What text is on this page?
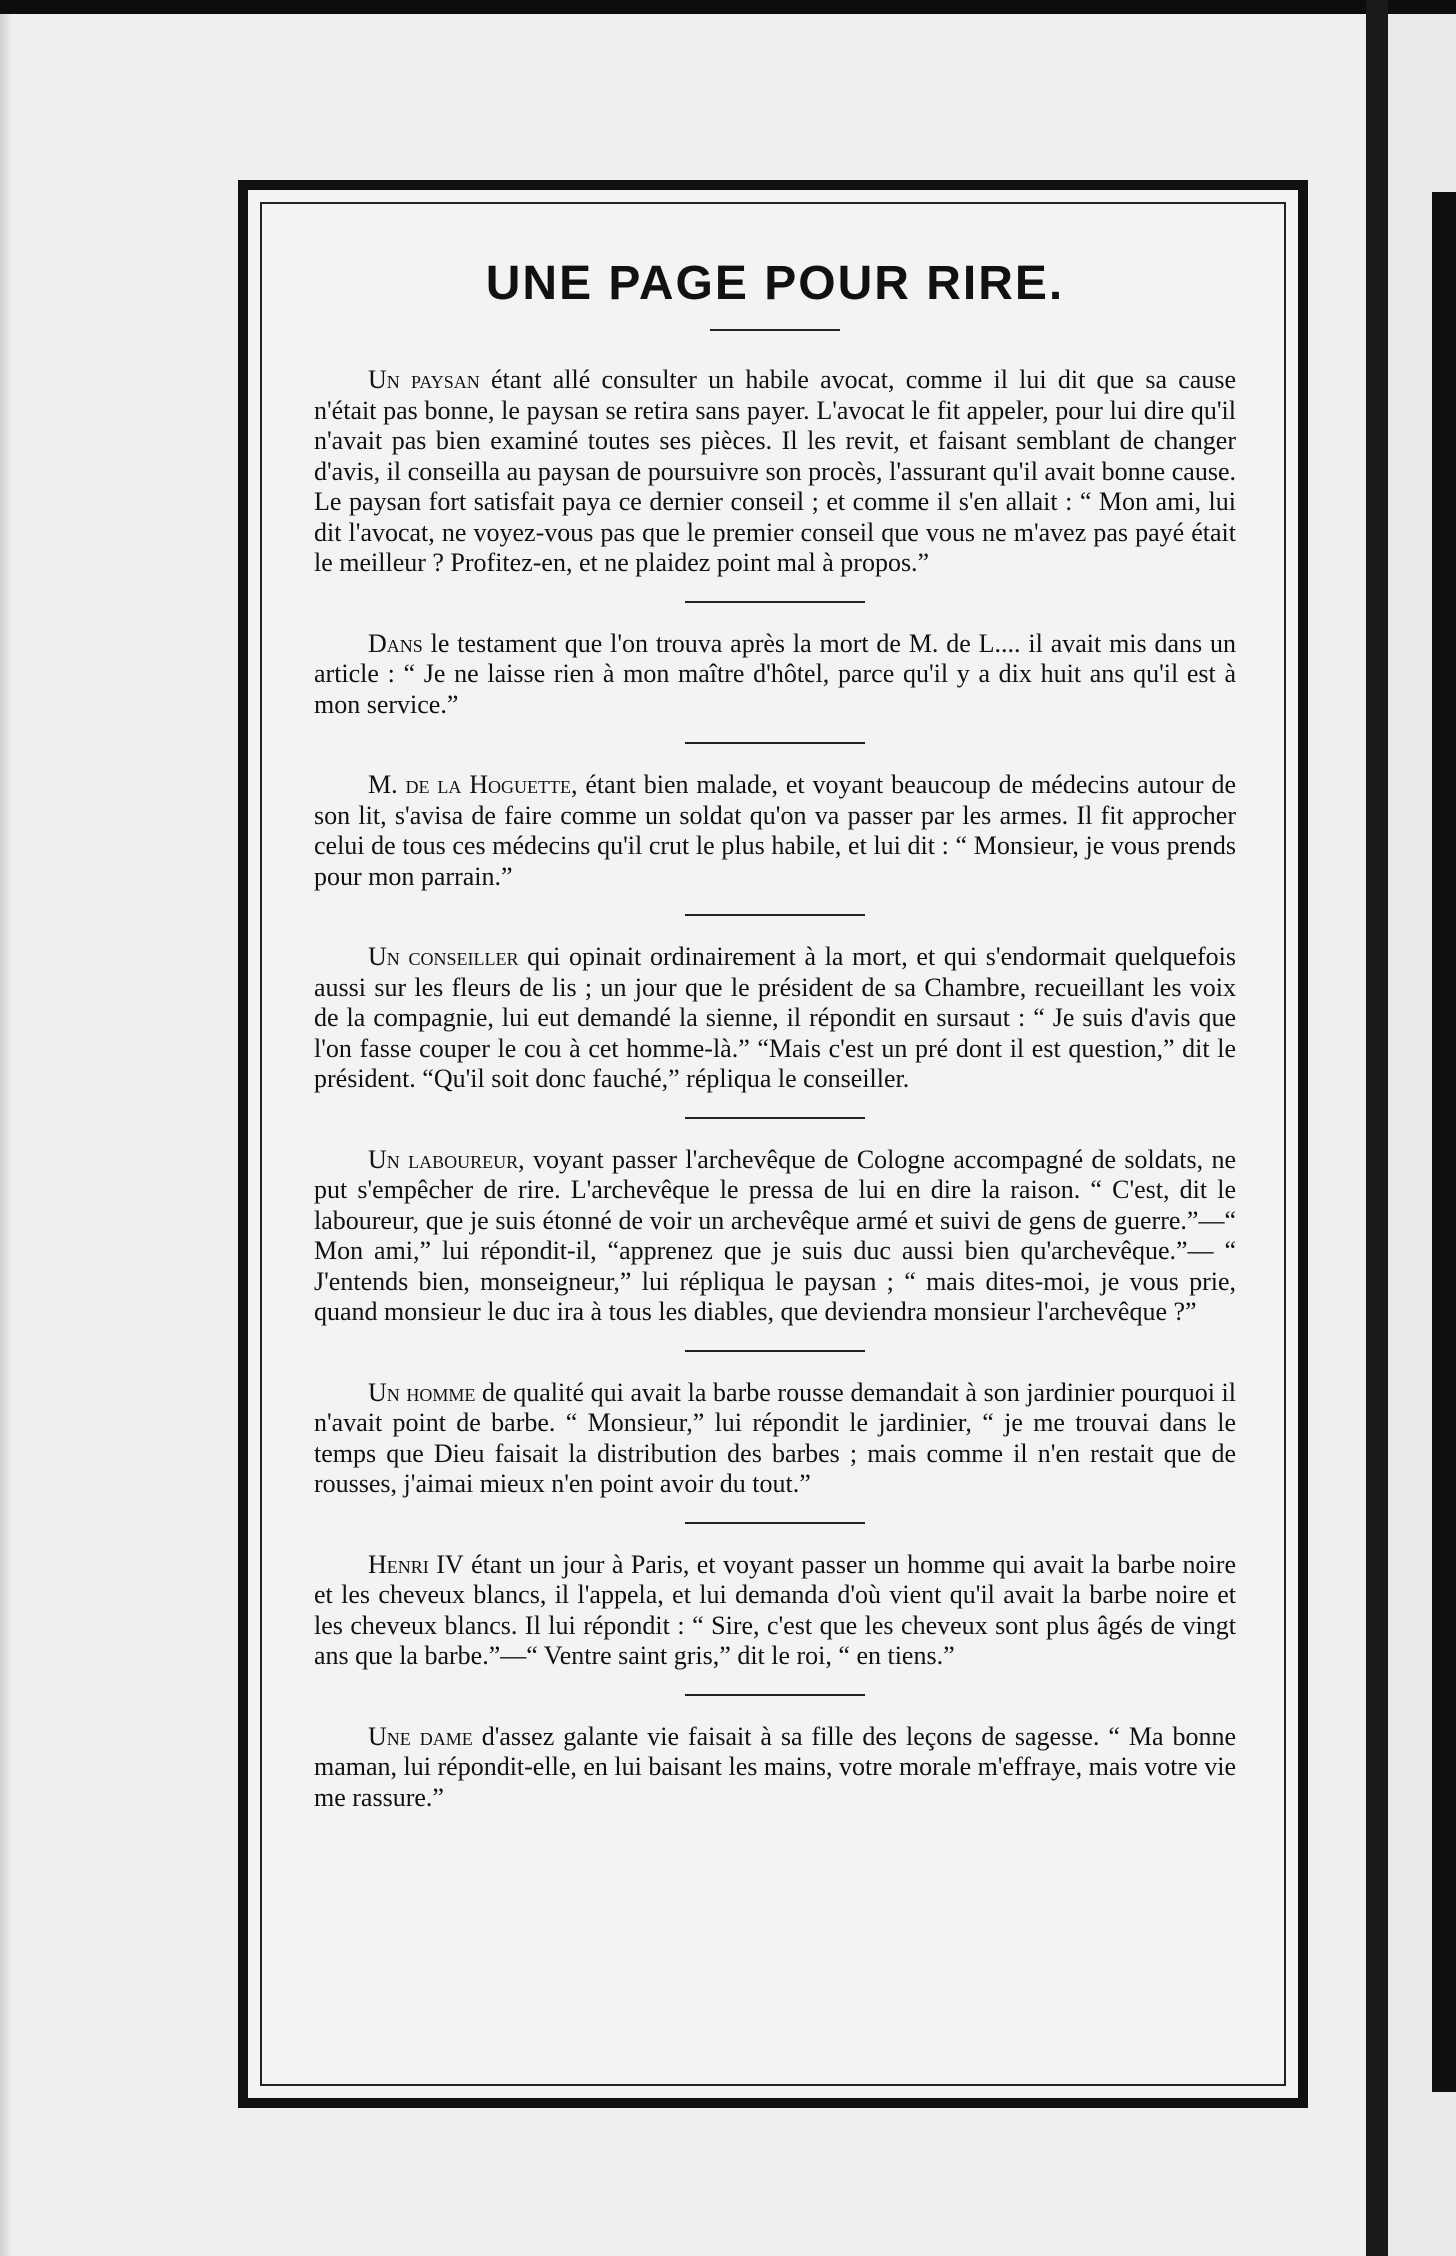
UNE PAGE POUR RIRE.

Un paysan étant allé consulter un habile avocat, comme il lui dit que sa cause n'était pas bonne, le paysan se retira sans payer. L'avocat le fit appeler, pour lui dire qu'il n'avait pas bien examiné toutes ses pièces. Il les revit, et faisant semblant de changer d'avis, il conseilla au paysan de poursuivre son procès, l'assurant qu'il avait bonne cause. Le paysan fort satisfait paya ce dernier conseil ; et comme il s'en allait : “ Mon ami, lui dit l'avocat, ne voyez-vous pas que le premier conseil que vous ne m'avez pas payé était le meilleur ? Profitez-en, et ne plaidez point mal à propos.”

Dans le testament que l'on trouva après la mort de M. de L.... il avait mis dans un article : “ Je ne laisse rien à mon maître d'hôtel, parce qu'il y a dix huit ans qu'il est à mon service.”

M. de la Hoguette, étant bien malade, et voyant beaucoup de médecins autour de son lit, s'avisa de faire comme un soldat qu'on va passer par les armes. Il fit approcher celui de tous ces médecins qu'il crut le plus habile, et lui dit : “ Monsieur, je vous prends pour mon parrain.”

Un conseiller qui opinait ordinairement à la mort, et qui s'endormait quelquefois aussi sur les fleurs de lis ; un jour que le président de sa Chambre, recueillant les voix de la compagnie, lui eut demandé la sienne, il répondit en sursaut : “ Je suis d'avis que l'on fasse couper le cou à cet homme-là.” “Mais c'est un pré dont il est question,” dit le président. “Qu'il soit donc fauché,” répliqua le conseiller.

Un laboureur, voyant passer l'archevêque de Cologne accompagné de soldats, ne put s'empêcher de rire. L'archevêque le pressa de lui en dire la raison. “ C'est, dit le laboureur, que je suis étonné de voir un archevêque armé et suivi de gens de guerre.”—“ Mon ami,” lui répondit-il, “apprenez que je suis duc aussi bien qu'archevêque.”— “ J'entends bien, monseigneur,” lui répliqua le paysan ; “ mais dites-moi, je vous prie, quand monsieur le duc ira à tous les diables, que deviendra monsieur l'archevêque ?”

Un homme de qualité qui avait la barbe rousse demandait à son jardinier pourquoi il n'avait point de barbe. “ Monsieur,” lui répondit le jardinier, “ je me trouvai dans le temps que Dieu faisait la distribution des barbes ; mais comme il n'en restait que de rousses, j'aimai mieux n'en point avoir du tout.”

Henri IV étant un jour à Paris, et voyant passer un homme qui avait la barbe noire et les cheveux blancs, il l'appela, et lui demanda d'où vient qu'il avait la barbe noire et les cheveux blancs. Il lui répondit : “ Sire, c'est que les cheveux sont plus âgés de vingt ans que la barbe.”—“ Ventre saint gris,” dit le roi, “ en tiens.”

Une dame d'assez galante vie faisait à sa fille des leçons de sagesse. “ Ma bonne maman, lui répondit-elle, en lui baisant les mains, votre morale m'effraye, mais votre vie me rassure.”
